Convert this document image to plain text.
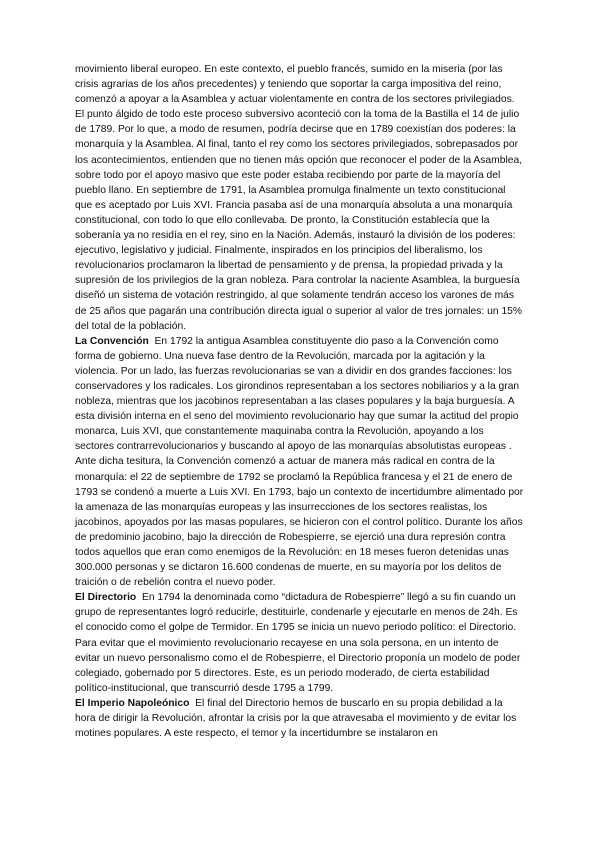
movimiento liberal europeo. En este contexto, el pueblo francés, sumido en la miseria (por las crisis agrarias de los años precedentes) y teniendo que soportar la carga impositiva del reino, comenzó a apoyar a la Asamblea y actuar violentamente en contra de los sectores privilegiados. El punto álgido de todo este proceso subversivo aconteció con la toma de la Bastilla el 14 de julio de 1789. Por lo que, a modo de resumen, podría decirse que en 1789 coexistían dos poderes: la monarquía y la Asamblea. Al final, tanto el rey como los sectores privilegiados, sobrepasados por los acontecimientos, entienden que no tienen más opción que reconocer el poder de la Asamblea, sobre todo por el apoyo masivo que este poder estaba recibiendo por parte de la mayoría del pueblo llano. En septiembre de 1791, la Asamblea promulga finalmente un texto constitucional que es aceptado por Luis XVI. Francia pasaba así de una monarquía absoluta a una monarquía constitucional, con todo lo que ello conllevaba. De pronto, la Constitución establecía que la soberanía ya no residía en el rey, sino en la Nación. Además, instauró la división de los poderes: ejecutivo, legislativo y judicial. Finalmente, inspirados en los principios del liberalismo, los revolucionarios proclamaron la libertad de pensamiento y de prensa, la propiedad privada y la supresión de los privilegios de la gran nobleza. Para controlar la naciente Asamblea, la burguesía diseñó un sistema de votación restringido, al que solamente tendrán acceso los varones de más de 25 años que pagarán una contribución directa igual o superior al valor de tres jornales: un 15% del total de la población.

La Convención En 1792 la antigua Asamblea constituyente dio paso a la Convención como forma de gobierno. Una nueva fase dentro de la Revolución, marcada por la agitación y la violencia. Por un lado, las fuerzas revolucionarias se van a dividir en dos grandes facciones: los conservadores y los radicales. Los girondinos representaban a los sectores nobiliarios y a la gran nobleza, mientras que los jacobinos representaban a las clases populares y la baja burguesía. A esta división interna en el seno del movimiento revolucionario hay que sumar la actitud del propio monarca, Luis XVI, que constantemente maquinaba contra la Revolución, apoyando a los sectores contrarrevolucionarios y buscando al apoyo de las monarquías absolutistas europeas . Ante dicha tesitura, la Convención comenzó a actuar de manera más radical en contra de la monarquía: el 22 de septiembre de 1792 se proclamó la República francesa y el 21 de enero de 1793 se condenó a muerte a Luis XVI. En 1793, bajo un contexto de incertidumbre alimentado por la amenaza de las monarquías europeas y las insurrecciones de los sectores realistas, los jacobinos, apoyados por las masas populares, se hicieron con el control político. Durante los años de predominio jacobino, bajo la dirección de Robespierre, se ejerció una dura represión contra todos aquellos que eran como enemigos de la Revolución: en 18 meses fueron detenidas unas 300.000 personas y se dictaron 16.600 condenas de muerte, en su mayoría por los delitos de traición o de rebelión contra el nuevo poder.

El Directorio En 1794 la denominada como “dictadura de Robespierre” llegó a su fin cuando un grupo de representantes logró reducirle, destituirle, condenarle y ejecutarle en menos de 24h. Es el conocido como el golpe de Termidor. En 1795 se inicia un nuevo periodo político: el Directorio. Para evitar que el movimiento revolucionario recayese en una sola persona, en un intento de evitar un nuevo personalismo como el de Robespierre, el Directorio proponía un modelo de poder colegiado, gobernado por 5 directores. Este, es un periodo moderado, de cierta estabilidad político-institucional, que transcurrió desde 1795 a 1799.

El Imperio Napoleónico El final del Directorio hemos de buscarlo en su propia debilidad a la hora de dirigir la Revolución, afrontar la crisis por la que atravesaba el movimiento y de evitar los motines populares. A este respecto, el temor y la incertidumbre se instalaron en
